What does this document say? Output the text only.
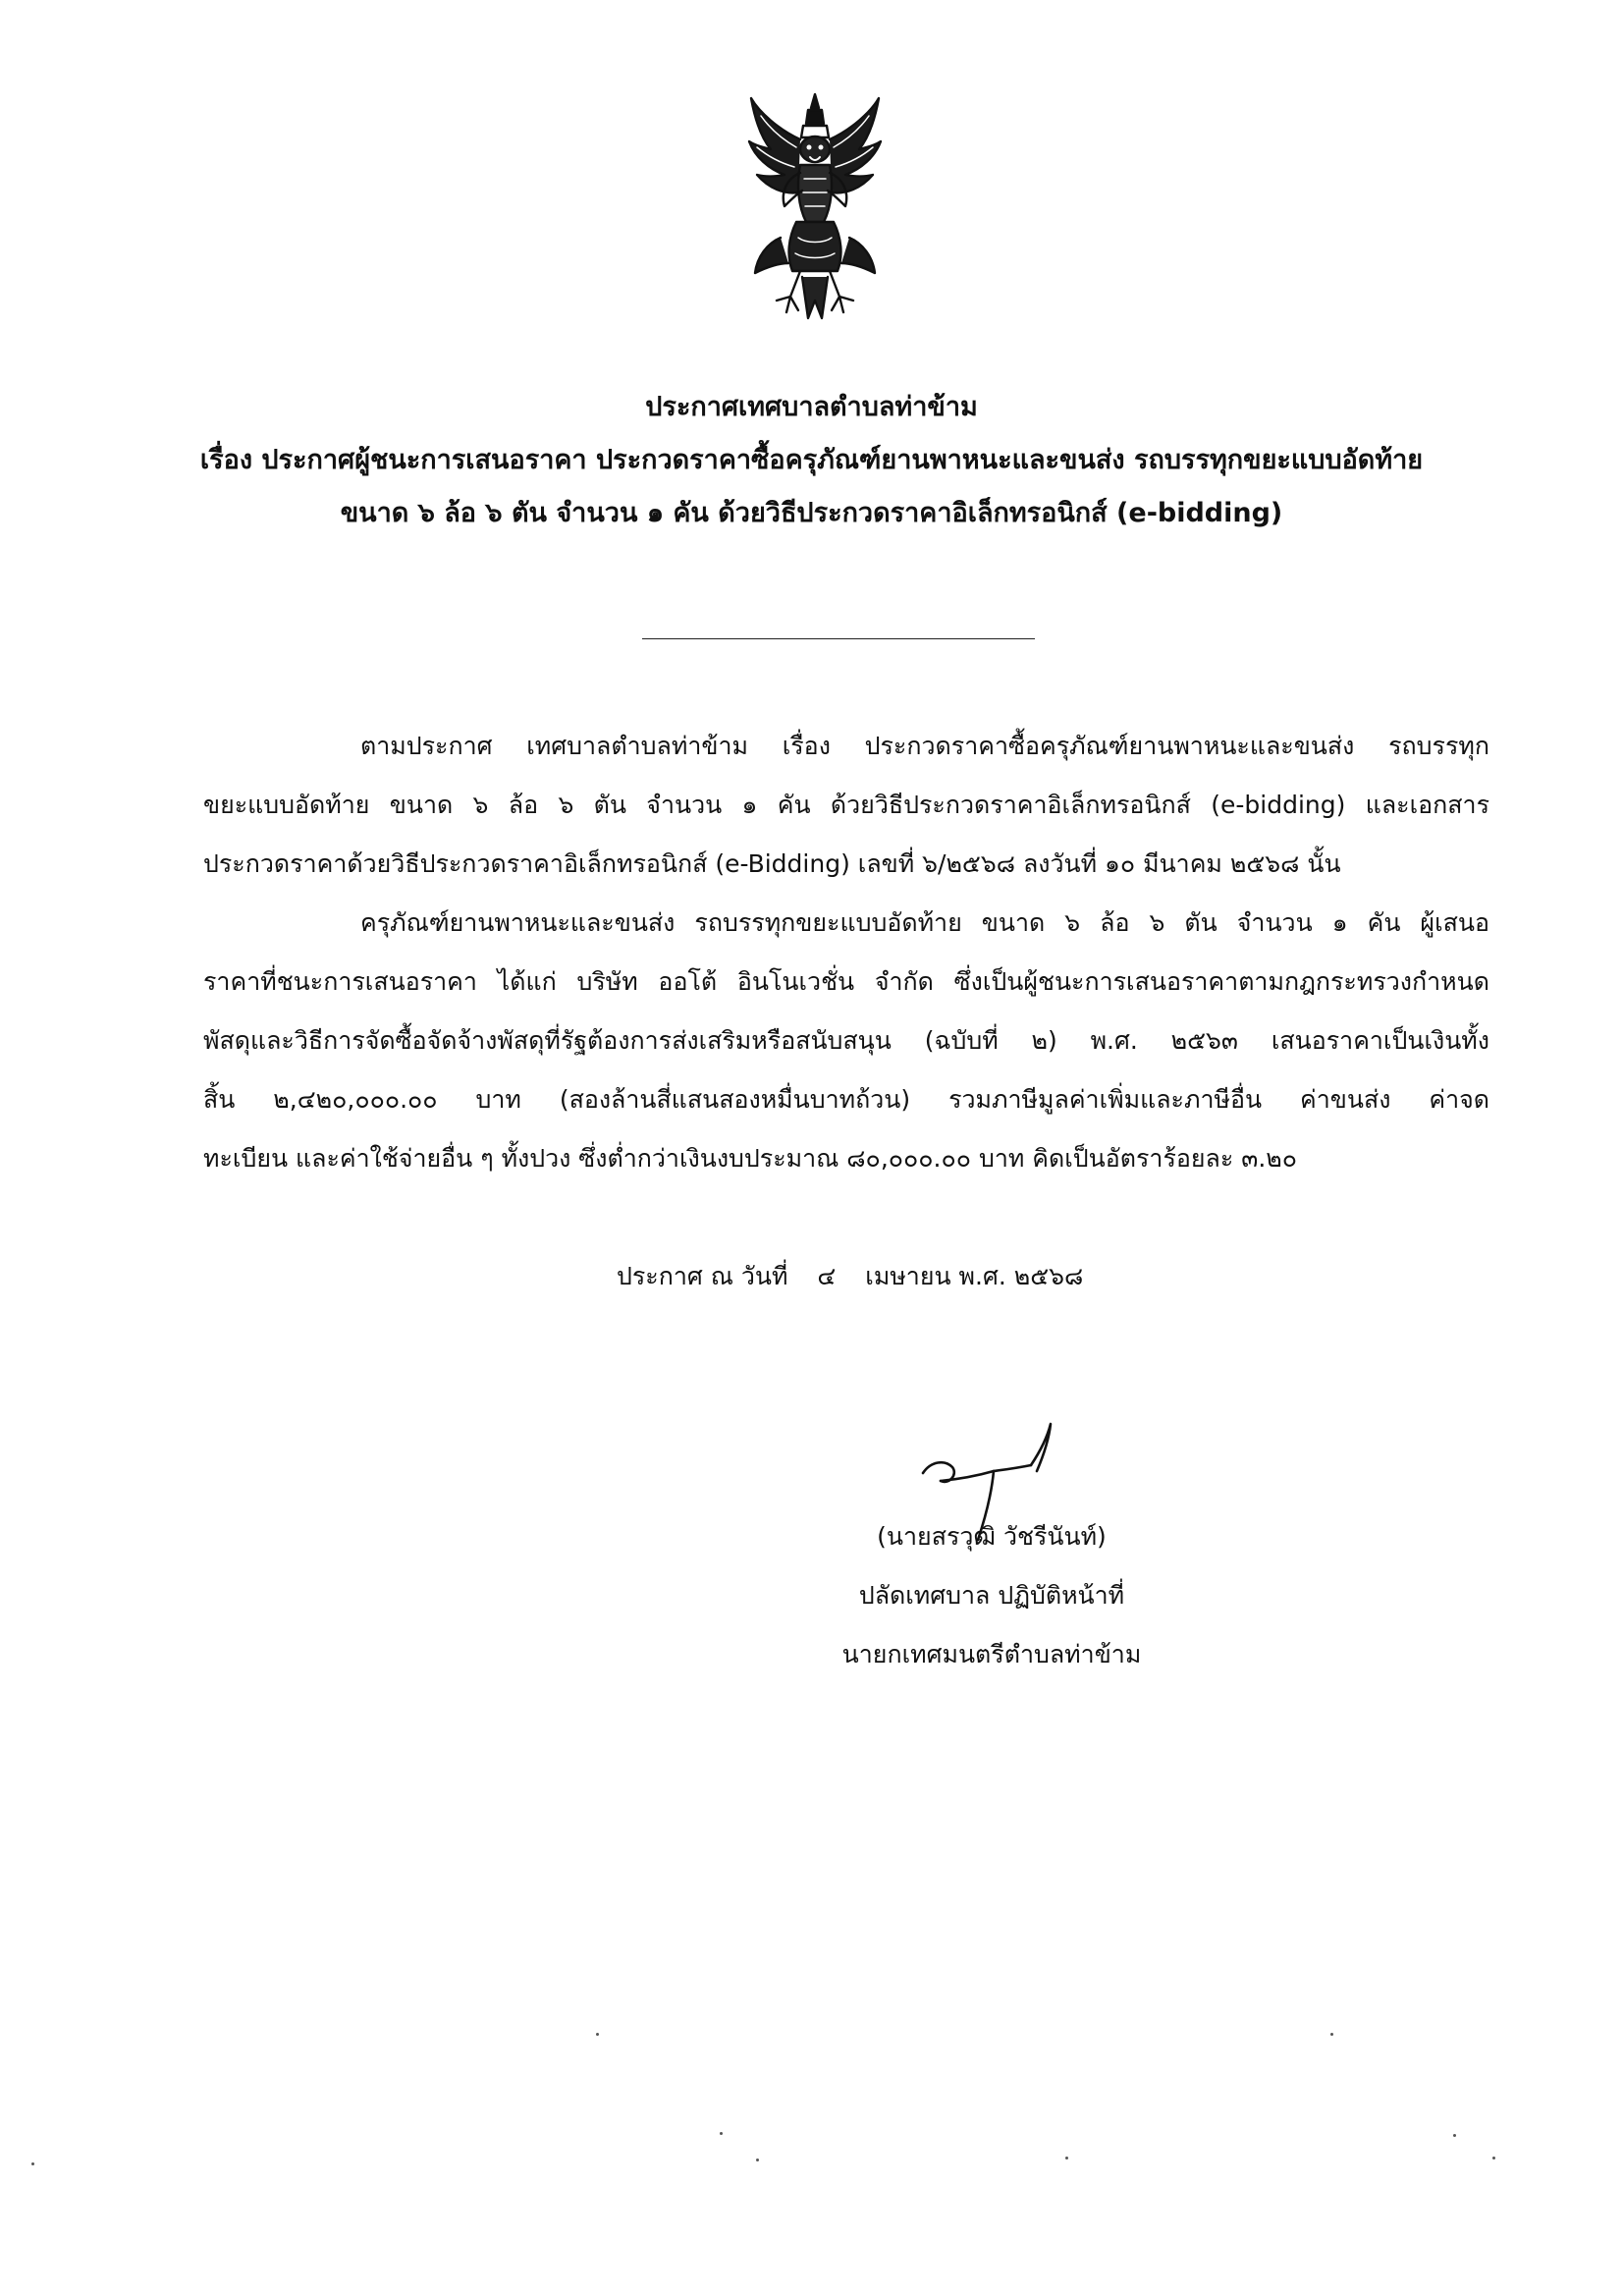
ประกาศเทศบาลตำบลท่าข้าม
เรื่อง ประกาศผู้ชนะการเสนอราคา ประกวดราคาซื้อครุภัณฑ์ยานพาหนะและขนส่ง รถบรรทุกขยะแบบอัดท้าย
ขนาด ๖ ล้อ ๖ ตัน จำนวน ๑ คัน ด้วยวิธีประกวดราคาอิเล็กทรอนิกส์ (e-bidding)
ตามประกาศ เทศบาลตำบลท่าข้าม เรื่อง ประกวดราคาซื้อครุภัณฑ์ยานพาหนะและขนส่ง รถบรรทุก
ขยะแบบอัดท้าย ขนาด ๖ ล้อ ๖ ตัน จำนวน ๑ คัน ด้วยวิธีประกวดราคาอิเล็กทรอนิกส์ (e-bidding) และเอกสาร
ประกวดราคาด้วยวิธีประกวดราคาอิเล็กทรอนิกส์ (e-Bidding) เลขที่ ๖/๒๕๖๘ ลงวันที่ ๑๐ มีนาคม ๒๕๖๘ นั้น
ครุภัณฑ์ยานพาหนะและขนส่ง รถบรรทุกขยะแบบอัดท้าย ขนาด ๖ ล้อ ๖ ตัน จำนวน ๑ คัน ผู้เสนอ
ราคาที่ชนะการเสนอราคา ได้แก่ บริษัท ออโต้ อินโนเวชั่น จำกัด ซึ่งเป็นผู้ชนะการเสนอราคาตามกฎกระทรวงกำหนด
พัสดุและวิธีการจัดซื้อจัดจ้างพัสดุที่รัฐต้องการส่งเสริมหรือสนับสนุน (ฉบับที่ ๒) พ.ศ. ๒๕๖๓ เสนอราคาเป็นเงินทั้ง
สิ้น ๒,๔๒๐,๐๐๐.๐๐ บาท (สองล้านสี่แสนสองหมื่นบาทถ้วน) รวมภาษีมูลค่าเพิ่มและภาษีอื่น ค่าขนส่ง ค่าจด
ทะเบียน และค่าใช้จ่ายอื่น ๆ ทั้งปวง ซึ่งต่ำกว่าเงินงบประมาณ ๘๐,๐๐๐.๐๐ บาท คิดเป็นอัตราร้อยละ ๓.๒๐
ประกาศ ณ วันที่ ๔ เมษายน พ.ศ. ๒๕๖๘
(นายสรวุฒิ วัชรีนันท์)
ปลัดเทศบาล ปฏิบัติหน้าที่
นายกเทศมนตรีตำบลท่าข้าม
